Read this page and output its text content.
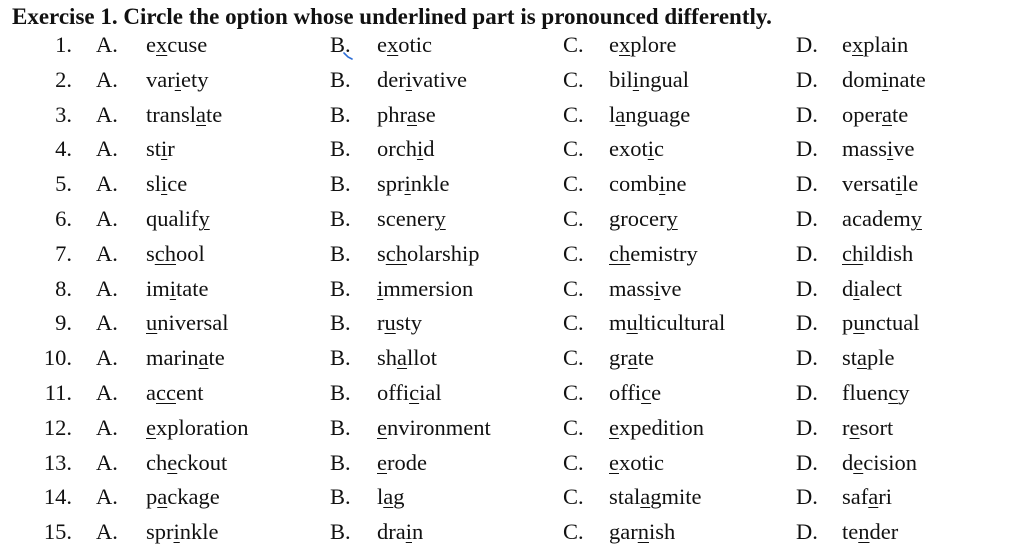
Exercise 1. Circle the option whose underlined part is pronounced differently.
1. A. excuse	B. exotic	C. explore	D. explain
2. A. variety	B. derivative	C. bilingual	D. dominate
3. A. translate	B. phrase	C. language	D. operate
4. A. stir	B. orchid	C. exotic	D. massive
5. A. slice	B. sprinkle	C. combine	D. versatile
6. A. qualify	B. scenery	C. grocery	D. academy
7. A. school	B. scholarship	C. chemistry	D. childish
8. A. imitate	B. immersion	C. massive	D. dialect
9. A. universal	B. rusty	C. multicultural	D. punctual
10. A. marinate	B. shallot	C. grate	D. staple
11. A. accent	B. official	C. office	D. fluency
12. A. exploration	B. environment	C. expedition	D. resort
13. A. checkout	B. erode	C. exotic	D. decision
14. A. package	B. lag	C. stalagmite	D. safari
15. A. sprinkle	B. drain	C. garnish	D. tender
